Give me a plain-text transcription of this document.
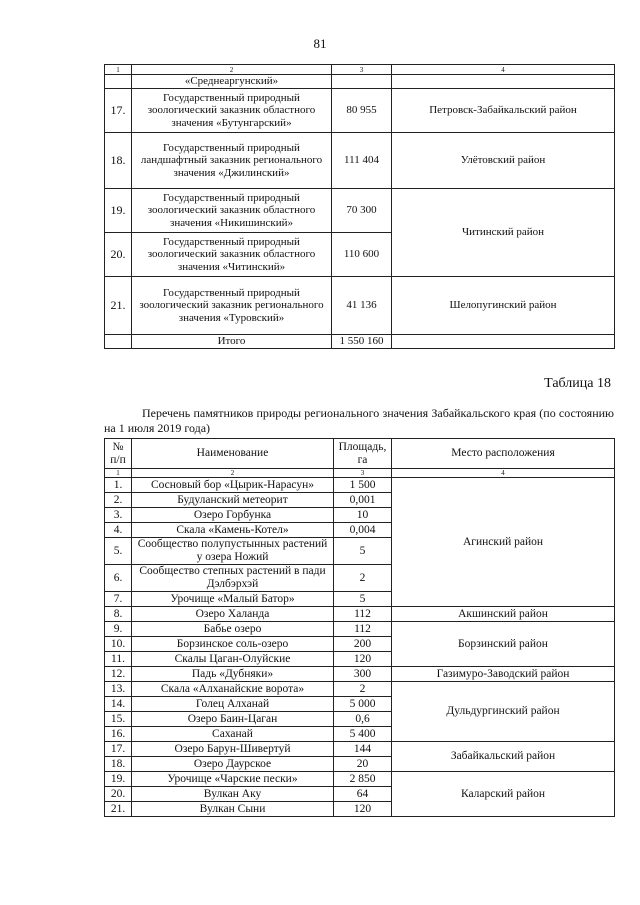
81
1	2	3	4
	«Среднеаргунский»		
17.	Государственный природный зоологический заказник областного значения «Бутунгарский»	80 955	Петровск-Забайкальский район
18.	Государственный природный ландшафтный заказник регионального значения «Джилинский»	111 404	Улётовский район
19.	Государственный природный зоологический заказник областного значения «Никишинский»	70 300	Читинский район
20.	Государственный природный зоологический заказник областного значения «Читинский»	110 600	
21.	Государственный природный зоологический заказник регионального значения «Туровский»	41 136	Шелопугинский район
	Итого	1 550 160	
Таблица 18
Перечень памятников природы регионального значения Забайкальского края (по состоянию на 1 июля 2019 года)
№ п/п	Наименование	Площадь, га	Место расположения
1	2	3	4
1.	Сосновый бор «Цырик-Нарасун»	1 500	Агинский район
2.	Будуланский метеорит	0,001	
3.	Озеро Горбунка	10	
4.	Скала «Камень-Котел»	0,004	
5.	Сообщество полупустынных растений у озера Ножий	5	
6.	Сообщество степных растений в пади Дэлбэрхэй	2	
7.	Урочище «Малый Батор»	5	
8.	Озеро Халанда	112	Акшинский район
9.	Бабье озеро	112	Борзинский район
10.	Борзинское соль-озеро	200	
11.	Скалы Цаган-Олуйские	120	
12.	Падь «Дубняки»	300	Газимуро-Заводский район
13.	Скала «Алханайские ворота»	2	Дульдургинский район
14.	Голец Алханай	5 000	
15.	Озеро Баин-Цаган	0,6	
16.	Саханай	5 400	
17.	Озеро Барун-Шивертуй	144	Забайкальский район
18.	Озеро Даурское	20	
19.	Урочище «Чарские пески»	2 850	Каларский район
20.	Вулкан Аку	64	
21.	Вулкан Сыни	120	
